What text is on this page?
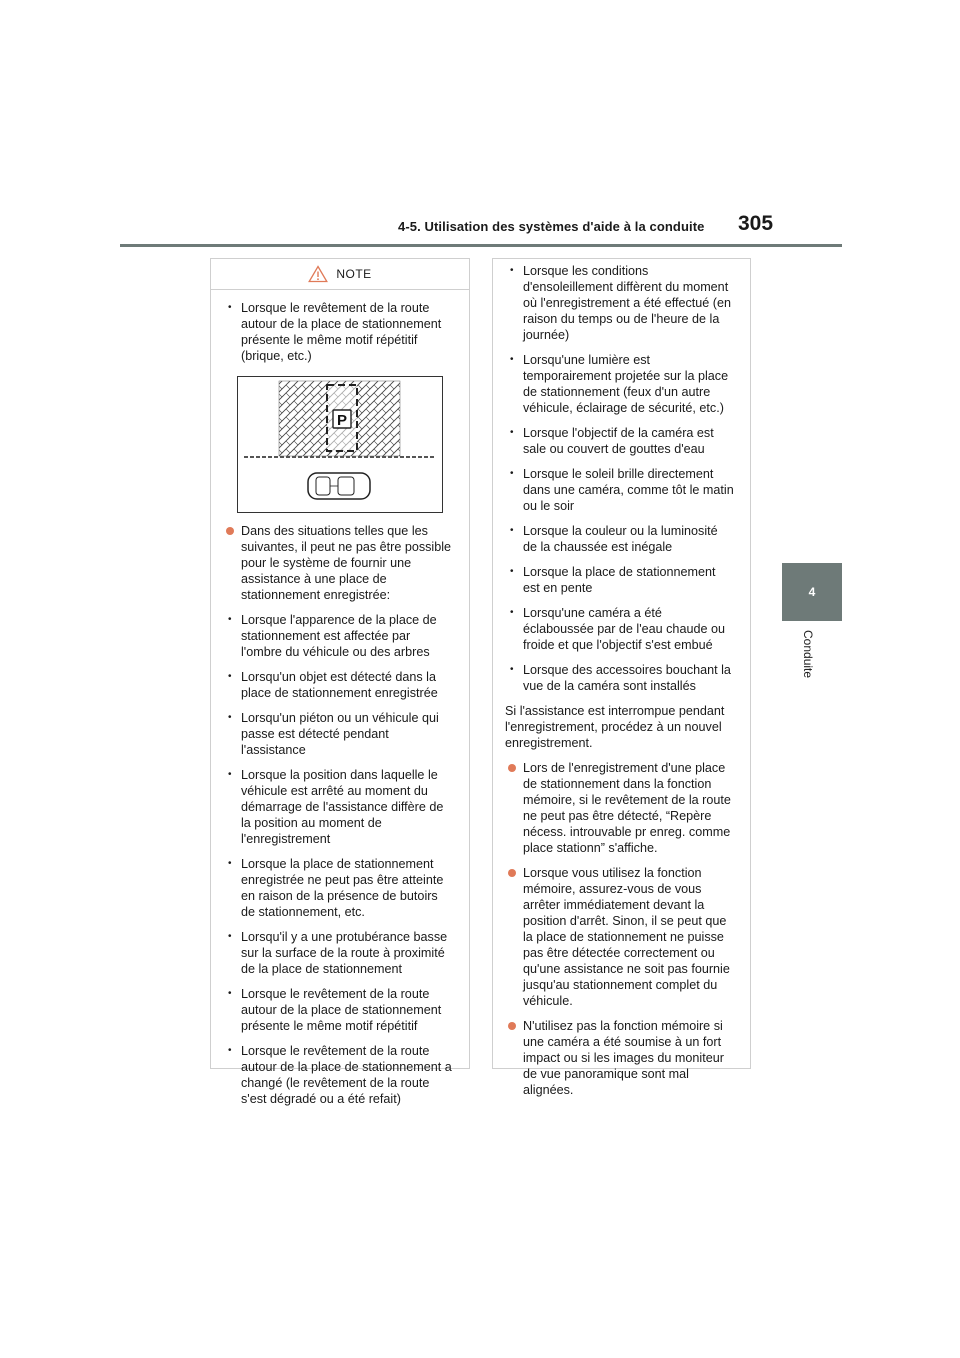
4-5. Utilisation des systèmes d'aide à la conduite 305
4
Conduite
NOTE
• Lorsque le revêtement de la route autour de la place de stationnement présente le même motif répétitif (brique, etc.)
P
Dans des situations telles que les suivantes, il peut ne pas être possible pour le système de fournir une assistance à une place de stationnement enregistrée:
• Lorsque l'apparence de la place de stationnement est affectée par l'ombre du véhicule ou des arbres
• Lorsqu'un objet est détecté dans la place de stationnement enregistrée
• Lorsqu'un piéton ou un véhicule qui passe est détecté pendant l'assistance
• Lorsque la position dans laquelle le véhicule est arrêté au moment du démarrage de l'assistance diffère de la position au moment de l'enregistrement
• Lorsque la place de stationnement enregistrée ne peut pas être atteinte en raison de la présence de butoirs de stationnement, etc.
• Lorsqu'il y a une protubérance basse sur la surface de la route à proximité de la place de stationnement
• Lorsque le revêtement de la route autour de la place de stationnement présente le même motif répétitif
• Lorsque le revêtement de la route autour de la place de stationnement a changé (le revêtement de la route s'est dégradé ou a été refait)
• Lorsque les conditions d'ensoleillement diffèrent du moment où l'enregistrement a été effectué (en raison du temps ou de l'heure de la journée)
• Lorsqu'une lumière est temporairement projetée sur la place de stationnement (feux d'un autre véhicule, éclairage de sécurité, etc.)
• Lorsque l'objectif de la caméra est sale ou couvert de gouttes d'eau
• Lorsque le soleil brille directement dans une caméra, comme tôt le matin ou le soir
• Lorsque la couleur ou la luminosité de la chaussée est inégale
• Lorsque la place de stationnement est en pente
• Lorsqu'une caméra a été éclaboussée par de l'eau chaude ou froide et que l'objectif s'est embué
• Lorsque des accessoires bouchant la vue de la caméra sont installés
Si l'assistance est interrompue pendant l'enregistrement, procédez à un nouvel enregistrement.
Lors de l'enregistrement d'une place de stationnement dans la fonction mémoire, si le revêtement de la route ne peut pas être détecté, “Repère nécess. introuvable pr enreg. comme place stationn” s'affiche.
Lorsque vous utilisez la fonction mémoire, assurez-vous de vous arrêter immédiatement devant la position d'arrêt. Sinon, il se peut que la place de stationnement ne puisse pas être détectée correctement ou qu'une assistance ne soit pas fournie jusqu'au stationnement complet du véhicule.
N'utilisez pas la fonction mémoire si une caméra a été soumise à un fort impact ou si les images du moniteur de vue panoramique sont mal alignées.
